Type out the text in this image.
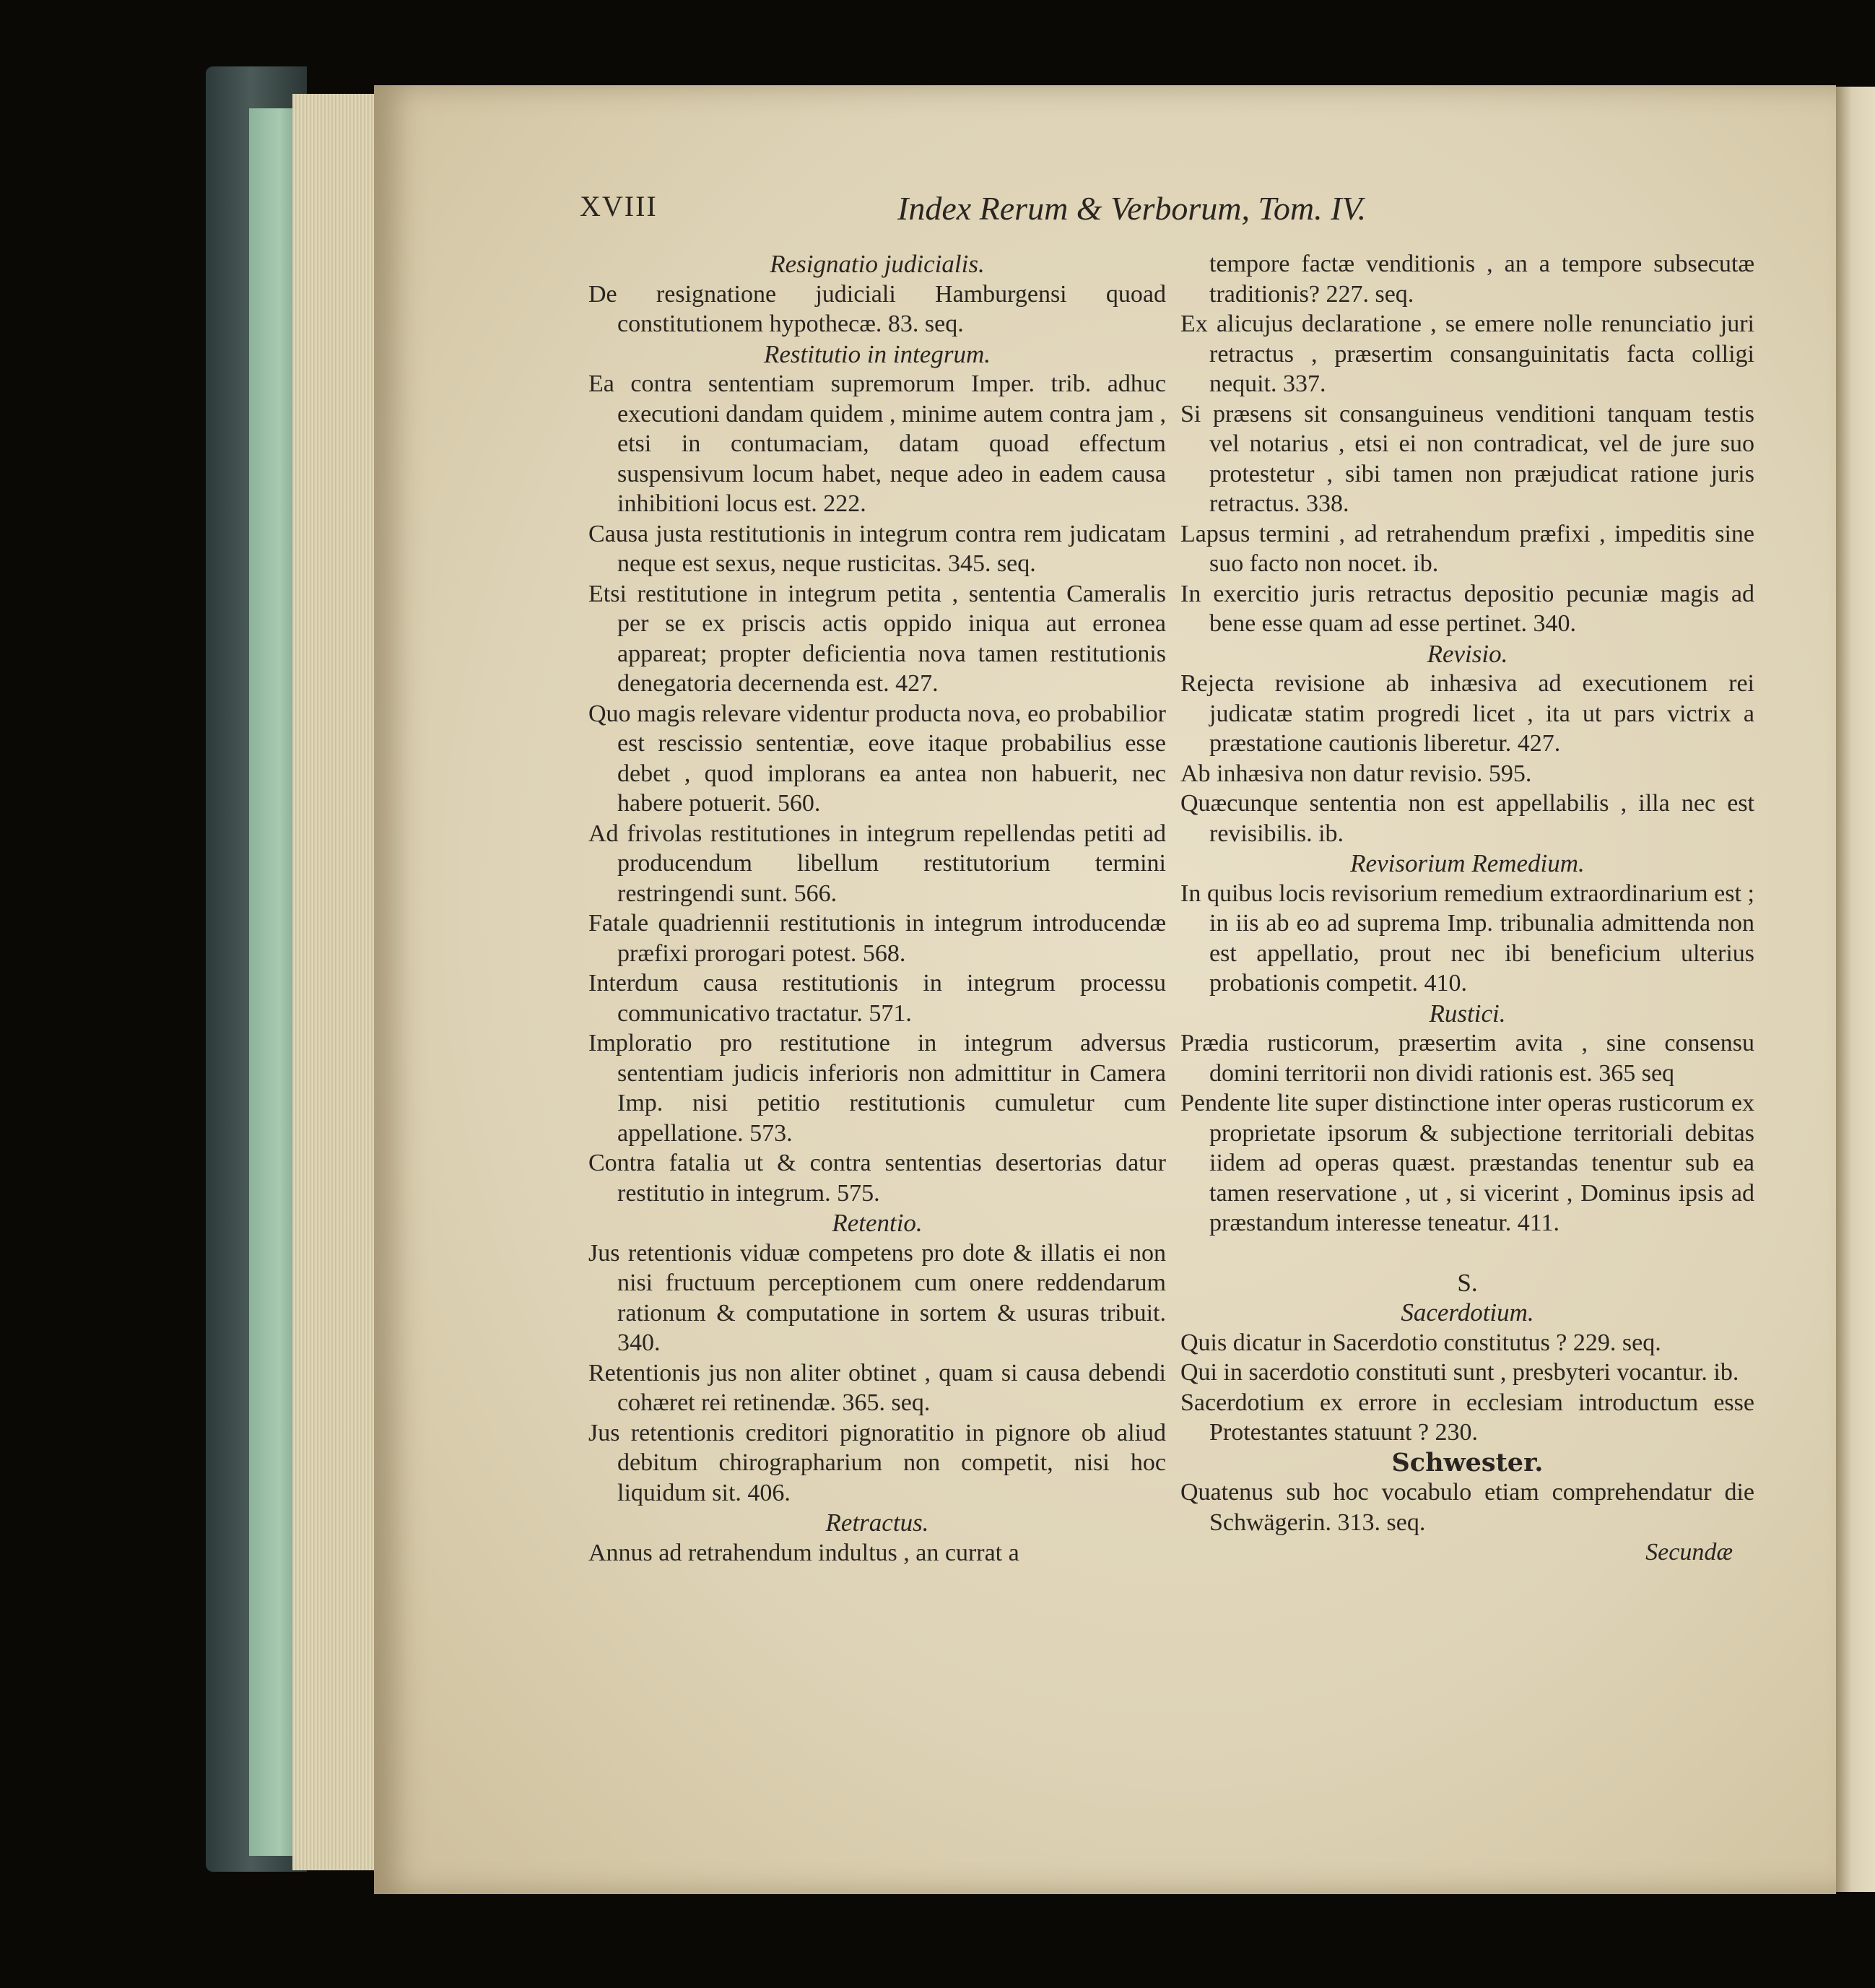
XVIII	Index Rerum & Verborum, Tom. IV.
Resignatio judicialis.
De resignatione judiciali Hamburgensi quoad constitutionem hypothecæ. 83. seq.
Restitutio in integrum.
Ea contra sententiam supremorum Imper. trib. adhuc executioni dandam quidem , minime autem contra jam , etsi in contumaciam, datam quoad effectum suspensivum locum habet, neque adeo in eadem causa inhibitioni locus est. 222.
Causa justa restitutionis in integrum contra rem judicatam neque est sexus, neque rusticitas. 345. seq.
Etsi restitutione in integrum petita , sententia Cameralis per se ex priscis actis oppido iniqua aut erronea appareat; propter deficientia nova tamen restitutionis denegatoria decernenda est. 427.
Quo magis relevare videntur producta nova, eo probabilior est rescissio sententiæ, eove itaque probabilius esse debet , quod implorans ea antea non habuerit, nec habere potuerit. 560.
Ad frivolas restitutiones in integrum repellendas petiti ad producendum libellum restitutorium termini restringendi sunt. 566.
Fatale quadriennii restitutionis in integrum introducendæ præfixi prorogari potest. 568.
Interdum causa restitutionis in integrum processu communicativo tractatur. 571.
Imploratio pro restitutione in integrum adversus sententiam judicis inferioris non admittitur in Camera Imp. nisi petitio restitutionis cumuletur cum appellatione. 573.
Contra fatalia ut & contra sententias desertorias datur restitutio in integrum. 575.
Retentio.
Jus retentionis viduæ competens pro dote & illatis ei non nisi fructuum perceptionem cum onere reddendarum rationum & computatione in sortem & usuras tribuit. 340.
Retentionis jus non aliter obtinet , quam si causa debendi cohæret rei retinendæ. 365. seq.
Jus retentionis creditori pignoratitio in pignore ob aliud debitum chirographarium non competit, nisi hoc liquidum sit. 406.
Retractus.
Annus ad retrahendum indultus , an currat a
tempore factæ venditionis , an a tempore subsecutæ traditionis? 227. seq.
Ex alicujus declaratione , se emere nolle renunciatio juri retractus , præsertim consanguinitatis facta colligi nequit. 337.
Si præsens sit consanguineus venditioni tanquam testis vel notarius , etsi ei non contradicat, vel de jure suo protestetur , sibi tamen non præjudicat ratione juris retractus. 338.
Lapsus termini , ad retrahendum præfixi , impeditis sine suo facto non nocet. ib.
In exercitio juris retractus depositio pecuniæ magis ad bene esse quam ad esse pertinet. 340.
Revisio.
Rejecta revisione ab inhæsiva ad executionem rei judicatæ statim progredi licet , ita ut pars victrix a præstatione cautionis liberetur. 427.
Ab inhæsiva non datur revisio. 595.
Quæcunque sententia non est appellabilis , illa nec est revisibilis. ib.
Revisorium Remedium.
In quibus locis revisorium remedium extraordinarium est ; in iis ab eo ad suprema Imp. tribunalia admittenda non est appellatio, prout nec ibi beneficium ulterius probationis competit. 410.
Rustici.
Prædia rusticorum, præsertim avita , sine consensu domini territorii non dividi rationis est. 365 seq
Pendente lite super distinctione inter operas rusticorum ex proprietate ipsorum & subjectione territoriali debitas iidem ad operas quæst. præstandas tenentur sub ea tamen reservatione , ut , si vicerint , Dominus ipsis ad præstandum interesse teneatur. 411.
S.
Sacerdotium.
Quis dicatur in Sacerdotio constitutus ? 229. seq.
Qui in sacerdotio constituti sunt , presbyteri vocantur. ib.
Sacerdotium ex errore in ecclesiam introductum esse Protestantes statuunt ? 230.
Schwester.
Quatenus sub hoc vocabulo etiam comprehendatur die Schwägerin. 313. seq.
Secundæ
